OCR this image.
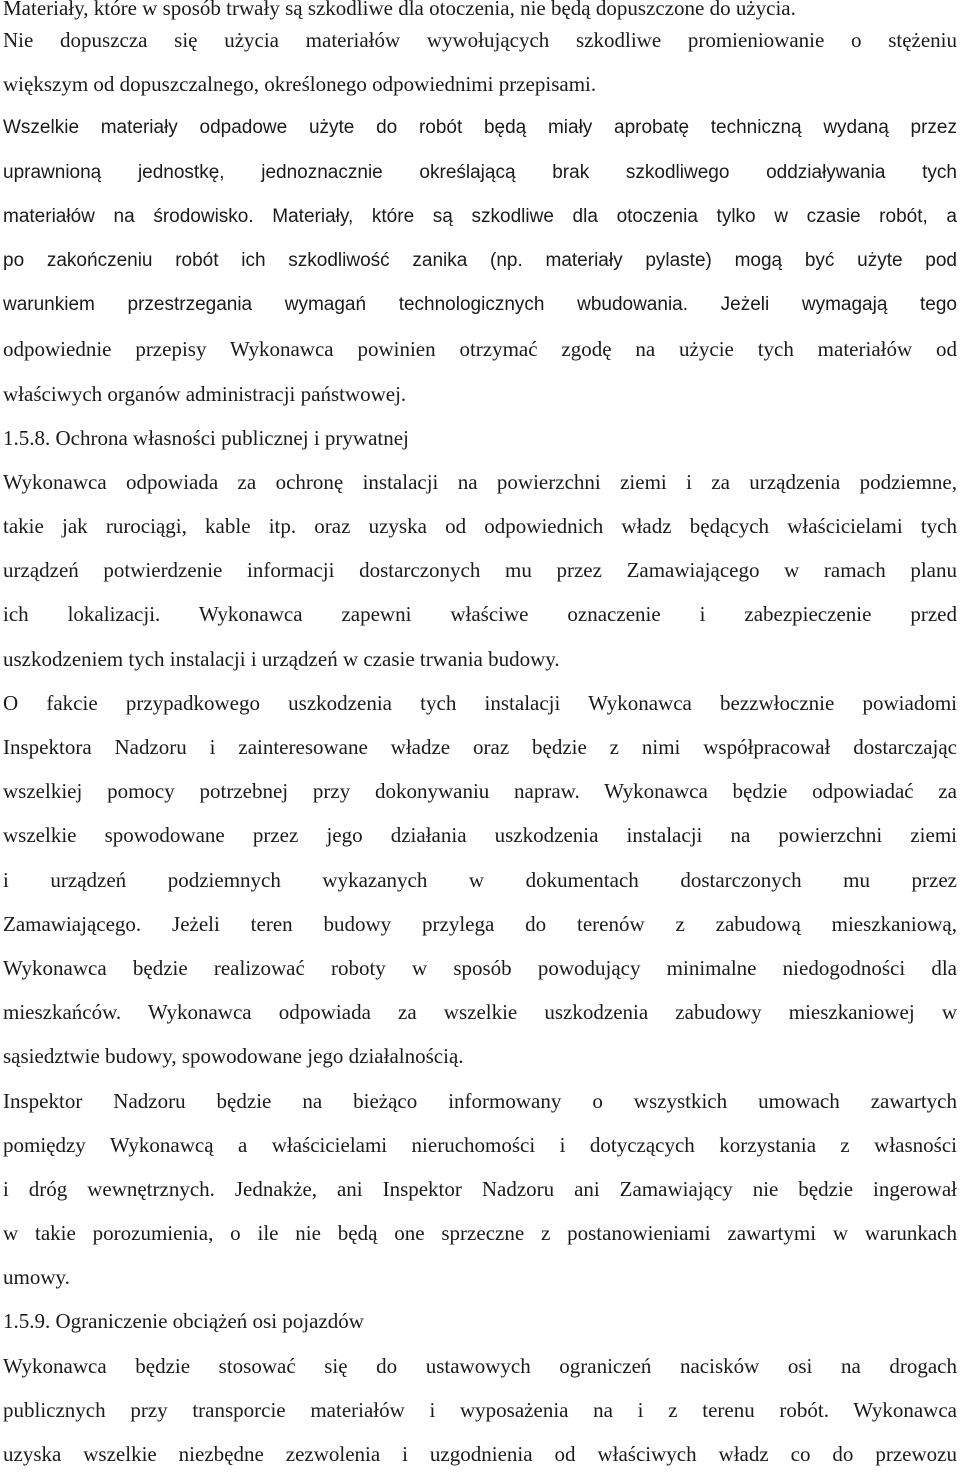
Materiały, które w sposób trwały są szkodliwe dla otoczenia, nie będą dopuszczone do użycia.
Nie dopuszcza się użycia materiałów wywołujących szkodliwe promieniowanie o stężeniu
większym od dopuszczalnego, określonego odpowiednimi przepisami.
Wszelkie materiały odpadowe użyte do robót będą miały aprobatę techniczną wydaną przez
uprawnioną jednostkę, jednoznacznie określającą brak szkodliwego oddziaływania tych
materiałów na środowisko. Materiały, które są szkodliwe dla otoczenia tylko w czasie robót, a
po zakończeniu robót ich szkodliwość zanika (np. materiały pylaste) mogą być użyte pod
warunkiem przestrzegania wymagań technologicznych wbudowania. Jeżeli wymagają tego
odpowiednie przepisy Wykonawca powinien otrzymać zgodę na użycie tych materiałów od
właściwych organów administracji państwowej.
1.5.8. Ochrona własności publicznej i prywatnej
Wykonawca odpowiada za ochronę instalacji na powierzchni ziemi i za urządzenia podziemne,
takie jak rurociągi, kable itp. oraz uzyska od odpowiednich władz będących właścicielami tych
urządzeń potwierdzenie informacji dostarczonych mu przez Zamawiającego w ramach planu
ich lokalizacji. Wykonawca zapewni właściwe oznaczenie i zabezpieczenie przed
uszkodzeniem tych instalacji i urządzeń w czasie trwania budowy.
O fakcie przypadkowego uszkodzenia tych instalacji Wykonawca bezzwłocznie powiadomi
Inspektora Nadzoru i zainteresowane władze oraz będzie z nimi współpracował dostarczając
wszelkiej pomocy potrzebnej przy dokonywaniu napraw. Wykonawca będzie odpowiadać za
wszelkie spowodowane przez jego działania uszkodzenia instalacji na powierzchni ziemi
i urządzeń podziemnych wykazanych w dokumentach dostarczonych mu przez
Zamawiającego. Jeżeli teren budowy przylega do terenów z zabudową mieszkaniową,
Wykonawca będzie realizować roboty w sposób powodujący minimalne niedogodności dla
mieszkańców. Wykonawca odpowiada za wszelkie uszkodzenia zabudowy mieszkaniowej w
sąsiedztwie budowy, spowodowane jego działalnością.
Inspektor Nadzoru będzie na bieżąco informowany o wszystkich umowach zawartych
pomiędzy Wykonawcą a właścicielami nieruchomości i dotyczących korzystania z własności
i dróg wewnętrznych. Jednakże, ani Inspektor Nadzoru ani Zamawiający nie będzie ingerował
w takie porozumienia, o ile nie będą one sprzeczne z postanowieniami zawartymi w warunkach
umowy.
1.5.9. Ograniczenie obciążeń osi pojazdów
Wykonawca będzie stosować się do ustawowych ograniczeń nacisków osi na drogach
publicznych przy transporcie materiałów i wyposażenia na i z terenu robót. Wykonawca
uzyska wszelkie niezbędne zezwolenia i uzgodnienia od właściwych władz co do przewozu
